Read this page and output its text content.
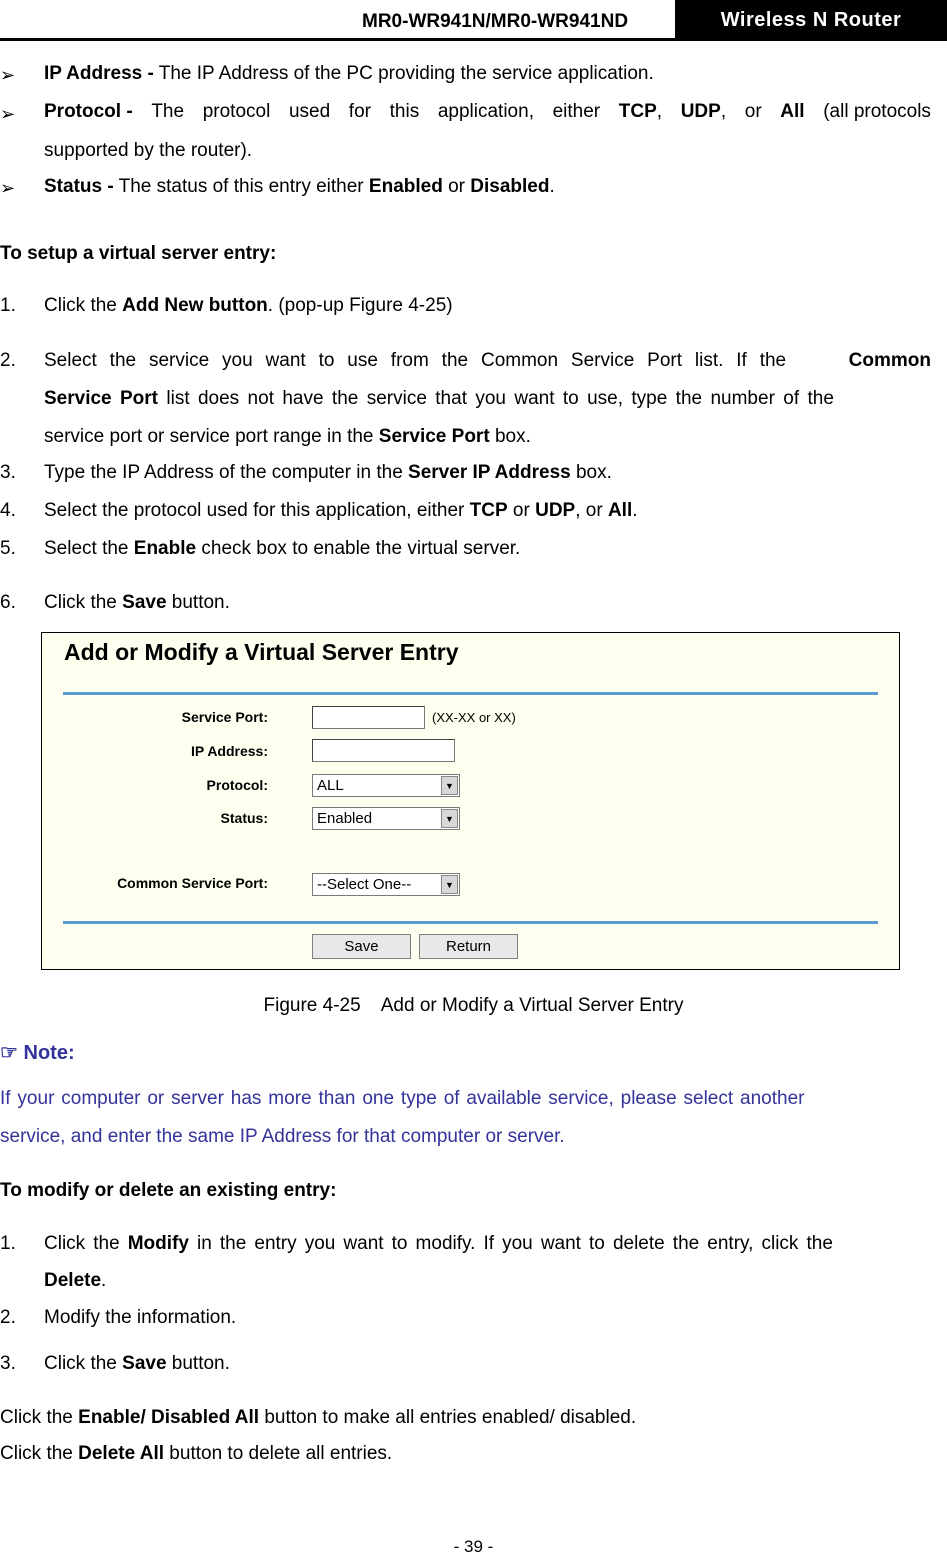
MR0-WR941N/MR0-WR941ND	Wireless N Router
➢ IP Address - The IP Address of the PC providing the service application.
➢ Protocol - The protocol used for this application, either TCP, UDP, or All (all protocols
supported by the router).
➢ Status - The status of this entry either Enabled or Disabled.
To setup a virtual server entry:
1. Click the Add New button. (pop-up Figure 4-25)
2. Select the service you want to use from the Common Service Port list. If the	Common
Service Port list does not have the service that you want to use, type the number of the
service port or service port range in the Service Port box.
3. Type the IP Address of the computer in the Server IP Address box.
4. Select the protocol used for this application, either TCP or UDP, or All.
5. Select the Enable check box to enable the virtual server.
6. Click the Save button.
Add or Modify a Virtual Server Entry
Service Port:	(XX-XX or XX)
IP Address:
Protocol:	ALL	▼
Status:	Enabled	▼
Common Service Port:	--Select One--	▼
Save	Return
Figure 4-25    Add or Modify a Virtual Server Entry
☞ Note:
If your computer or server has more than one type of available service, please select another
service, and enter the same IP Address for that computer or server.
To modify or delete an existing entry:
1. Click the Modify in the entry you want to modify. If you want to delete the entry, click the
Delete.
2. Modify the information.
3. Click the Save button.
Click the Enable/ Disabled All button to make all entries enabled/ disabled.
Click the Delete All button to delete all entries.
- 39 -
